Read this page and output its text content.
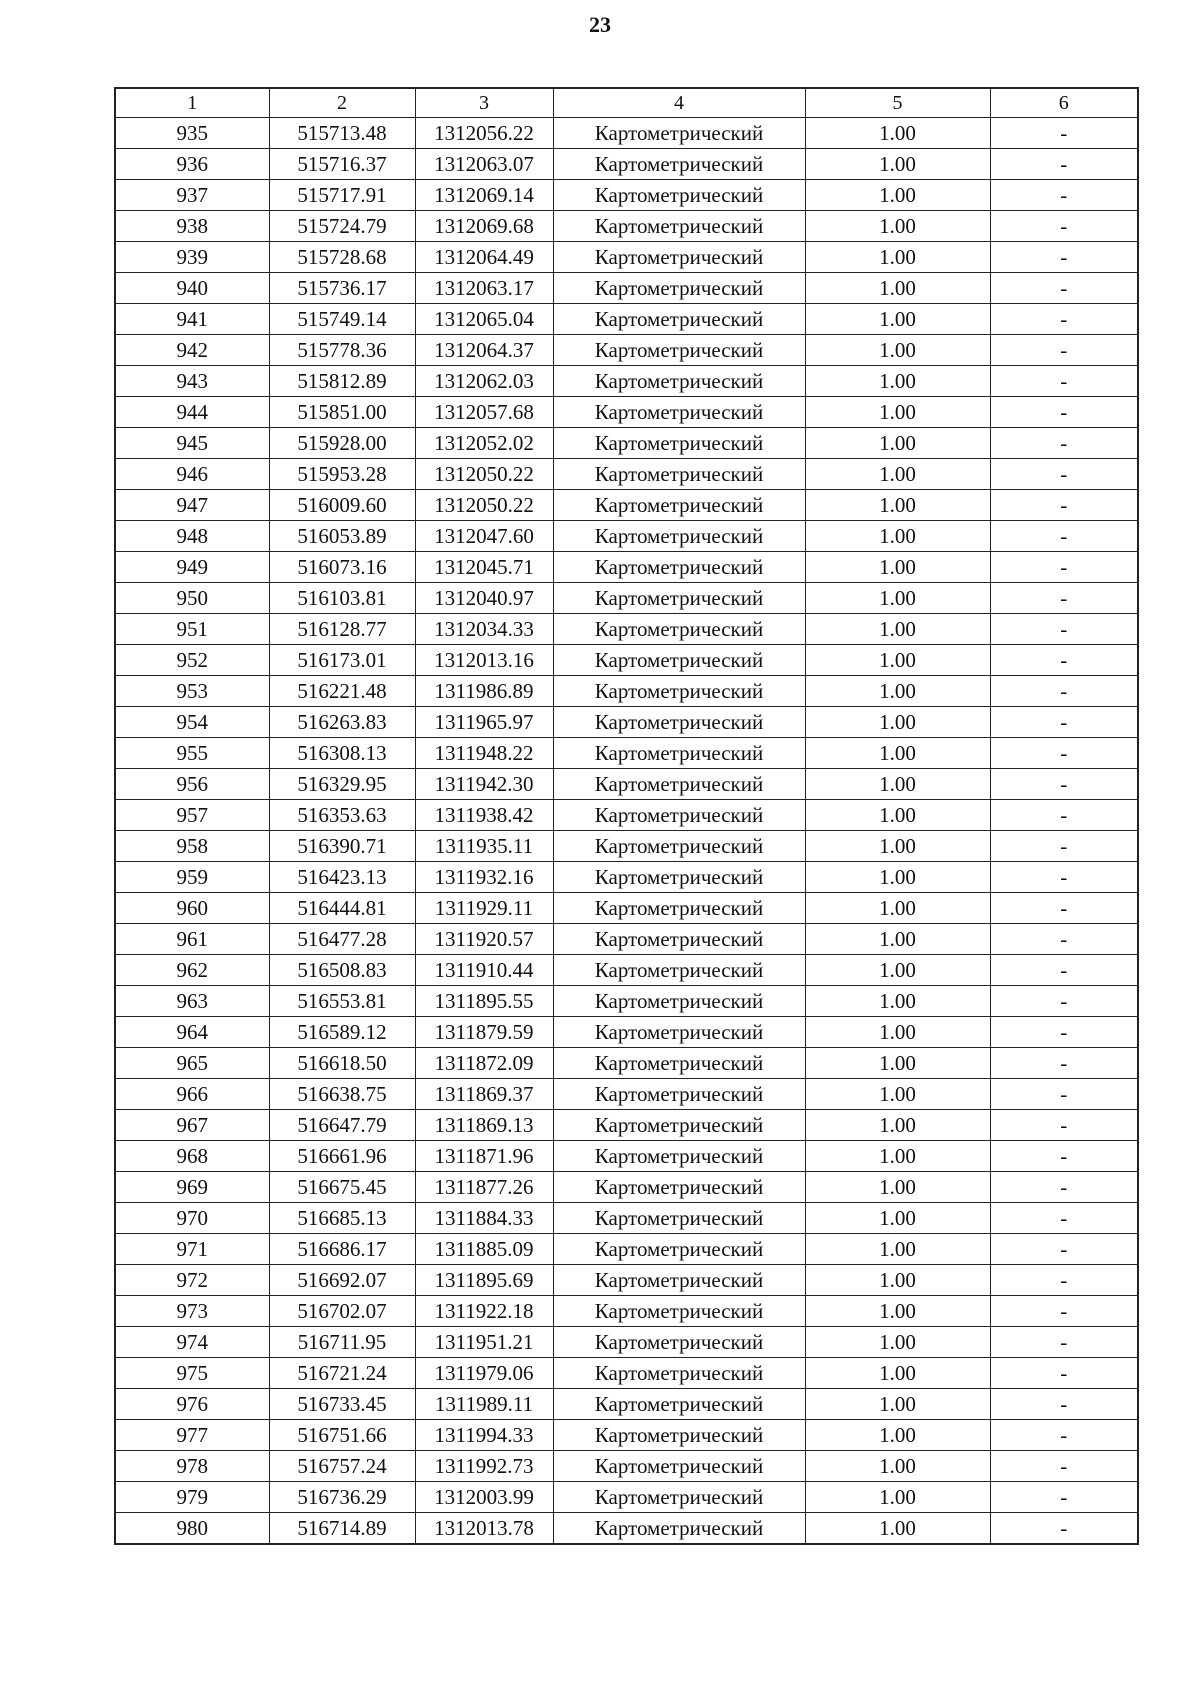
23
1	2	3	4	5	6
935	515713.48	1312056.22	Картометрический	1.00	-
936	515716.37	1312063.07	Картометрический	1.00	-
937	515717.91	1312069.14	Картометрический	1.00	-
938	515724.79	1312069.68	Картометрический	1.00	-
939	515728.68	1312064.49	Картометрический	1.00	-
940	515736.17	1312063.17	Картометрический	1.00	-
941	515749.14	1312065.04	Картометрический	1.00	-
942	515778.36	1312064.37	Картометрический	1.00	-
943	515812.89	1312062.03	Картометрический	1.00	-
944	515851.00	1312057.68	Картометрический	1.00	-
945	515928.00	1312052.02	Картометрический	1.00	-
946	515953.28	1312050.22	Картометрический	1.00	-
947	516009.60	1312050.22	Картометрический	1.00	-
948	516053.89	1312047.60	Картометрический	1.00	-
949	516073.16	1312045.71	Картометрический	1.00	-
950	516103.81	1312040.97	Картометрический	1.00	-
951	516128.77	1312034.33	Картометрический	1.00	-
952	516173.01	1312013.16	Картометрический	1.00	-
953	516221.48	1311986.89	Картометрический	1.00	-
954	516263.83	1311965.97	Картометрический	1.00	-
955	516308.13	1311948.22	Картометрический	1.00	-
956	516329.95	1311942.30	Картометрический	1.00	-
957	516353.63	1311938.42	Картометрический	1.00	-
958	516390.71	1311935.11	Картометрический	1.00	-
959	516423.13	1311932.16	Картометрический	1.00	-
960	516444.81	1311929.11	Картометрический	1.00	-
961	516477.28	1311920.57	Картометрический	1.00	-
962	516508.83	1311910.44	Картометрический	1.00	-
963	516553.81	1311895.55	Картометрический	1.00	-
964	516589.12	1311879.59	Картометрический	1.00	-
965	516618.50	1311872.09	Картометрический	1.00	-
966	516638.75	1311869.37	Картометрический	1.00	-
967	516647.79	1311869.13	Картометрический	1.00	-
968	516661.96	1311871.96	Картометрический	1.00	-
969	516675.45	1311877.26	Картометрический	1.00	-
970	516685.13	1311884.33	Картометрический	1.00	-
971	516686.17	1311885.09	Картометрический	1.00	-
972	516692.07	1311895.69	Картометрический	1.00	-
973	516702.07	1311922.18	Картометрический	1.00	-
974	516711.95	1311951.21	Картометрический	1.00	-
975	516721.24	1311979.06	Картометрический	1.00	-
976	516733.45	1311989.11	Картометрический	1.00	-
977	516751.66	1311994.33	Картометрический	1.00	-
978	516757.24	1311992.73	Картометрический	1.00	-
979	516736.29	1312003.99	Картометрический	1.00	-
980	516714.89	1312013.78	Картометрический	1.00	-
